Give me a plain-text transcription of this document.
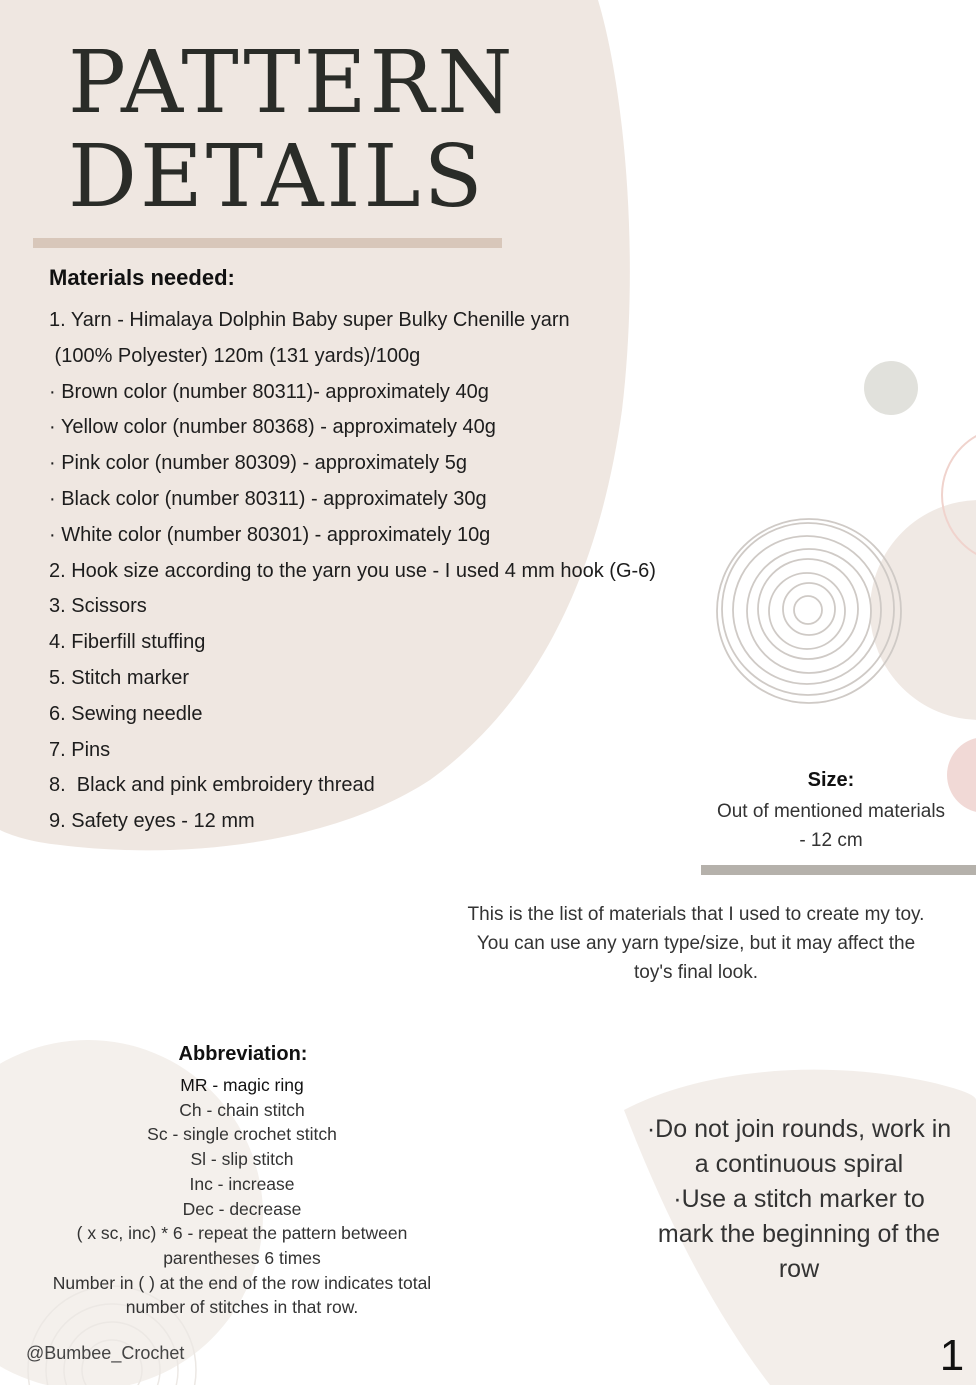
PATTERN
DETAILS
Materials needed:
1. Yarn - Himalaya Dolphin Baby super Bulky Chenille yarn
(100% Polyester) 120m (131 yards)/100g
· Brown color (number 80311)- approximately 40g
· Yellow color (number 80368) - approximately 40g
· Pink color (number 80309) - approximately 5g
· Black color (number 80311) - approximately 30g
· White color (number 80301) - approximately 10g
2. Hook size according to the yarn you use - I used 4 mm hook (G-6)
3. Scissors
4. Fiberfill stuffing
5. Stitch marker
6. Sewing needle
7. Pins
8.  Black and pink embroidery thread
9. Safety eyes - 12 mm
Size:
Out of mentioned materials
- 12 cm
This is the list of materials that I used to create my toy.
You can use any yarn type/size, but it may affect the
toy's final look.
Abbreviation:
MR - magic ring
Ch - chain stitch
Sc - single crochet stitch
Sl - slip stitch
Inc - increase
Dec - decrease
( x sc, inc) * 6 - repeat the pattern between
parentheses 6 times
Number in ( ) at the end of the row indicates total
number of stitches in that row.
·Do not join rounds, work in
a continuous spiral
·Use a stitch marker to
mark the beginning of the
row
@Bumbee_Crochet	1
